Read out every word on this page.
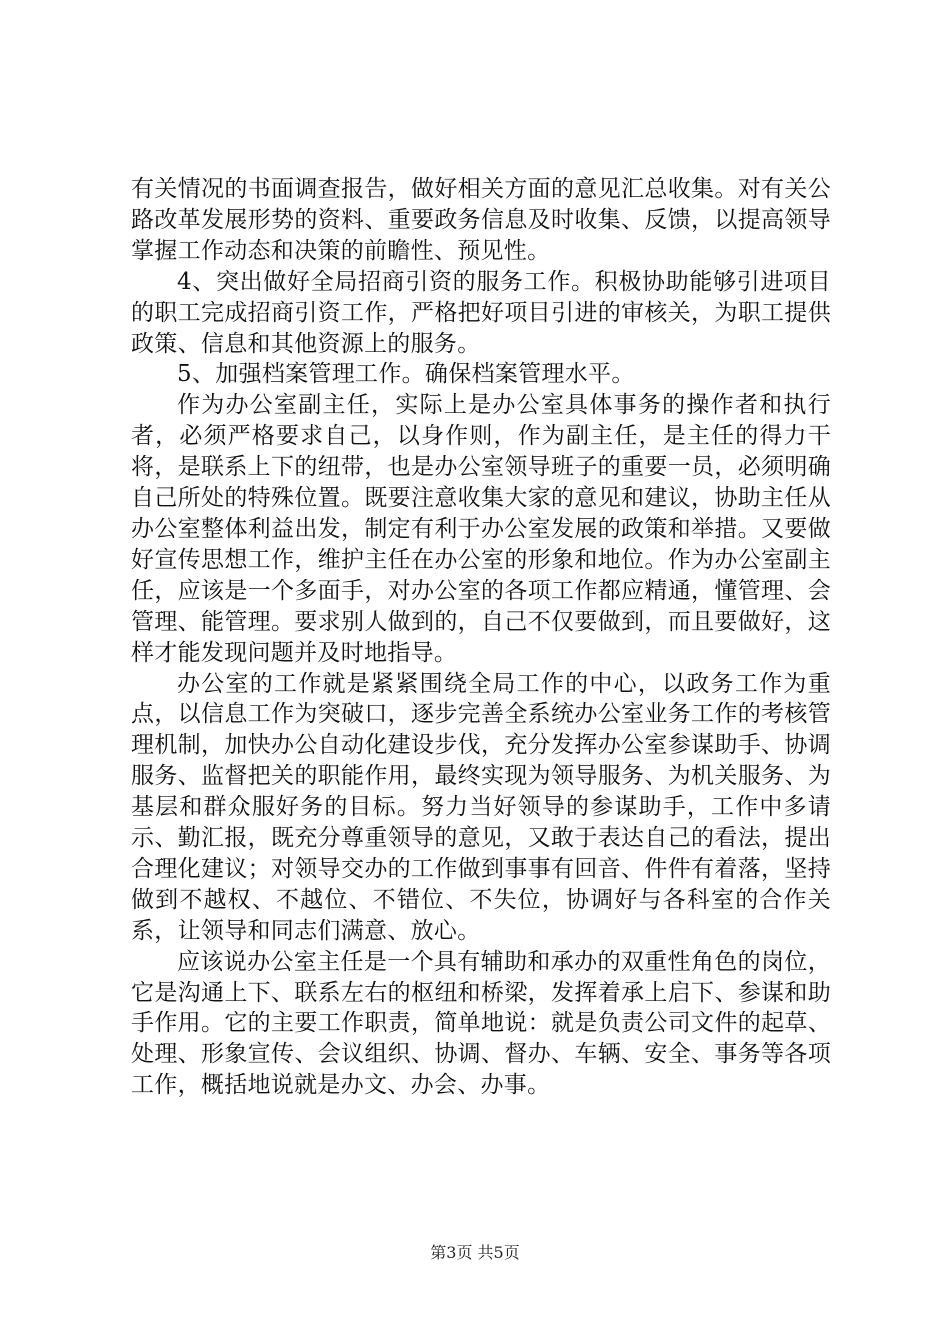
有关情况的书面调查报告，做好相关方面的意见汇总收集。对有关公路改革发展形势的资料、重要政务信息及时收集、反馈，以提高领导掌握工作动态和决策的前瞻性、预见性。

4、突出做好全局招商引资的服务工作。积极协助能够引进项目的职工完成招商引资工作，严格把好项目引进的审核关，为职工提供政策、信息和其他资源上的服务。

5、加强档案管理工作。确保档案管理水平。

作为办公室副主任，实际上是办公室具体事务的操作者和执行者，必须严格要求自己，以身作则，作为副主任，是主任的得力干将，是联系上下的纽带，也是办公室领导班子的重要一员，必须明确自己所处的特殊位置。既要注意收集大家的意见和建议，协助主任从办公室整体利益出发，制定有利于办公室发展的政策和举措。又要做好宣传思想工作，维护主任在办公室的形象和地位。作为办公室副主任，应该是一个多面手，对办公室的各项工作都应精通，懂管理、会管理、能管理。要求别人做到的，自己不仅要做到，而且要做好，这样才能发现问题并及时地指导。

办公室的工作就是紧紧围绕全局工作的中心，以政务工作为重点，以信息工作为突破口，逐步完善全系统办公室业务工作的考核管理机制，加快办公自动化建设步伐，充分发挥办公室参谋助手、协调服务、监督把关的职能作用，最终实现为领导服务、为机关服务、为基层和群众服好务的目标。努力当好领导的参谋助手，工作中多请示、勤汇报，既充分尊重领导的意见，又敢于表达自己的看法，提出合理化建议；对领导交办的工作做到事事有回音、件件有着落，坚持做到不越权、不越位、不错位、不失位，协调好与各科室的合作关系，让领导和同志们满意、放心。

应该说办公室主任是一个具有辅助和承办的双重性角色的岗位，它是沟通上下、联系左右的枢纽和桥梁，发挥着承上启下、参谋和助手作用。它的主要工作职责，简单地说：就是负责公司文件的起草、处理、形象宣传、会议组织、协调、督办、车辆、安全、事务等各项工作，概括地说就是办文、办会、办事。

第3页 共5页
